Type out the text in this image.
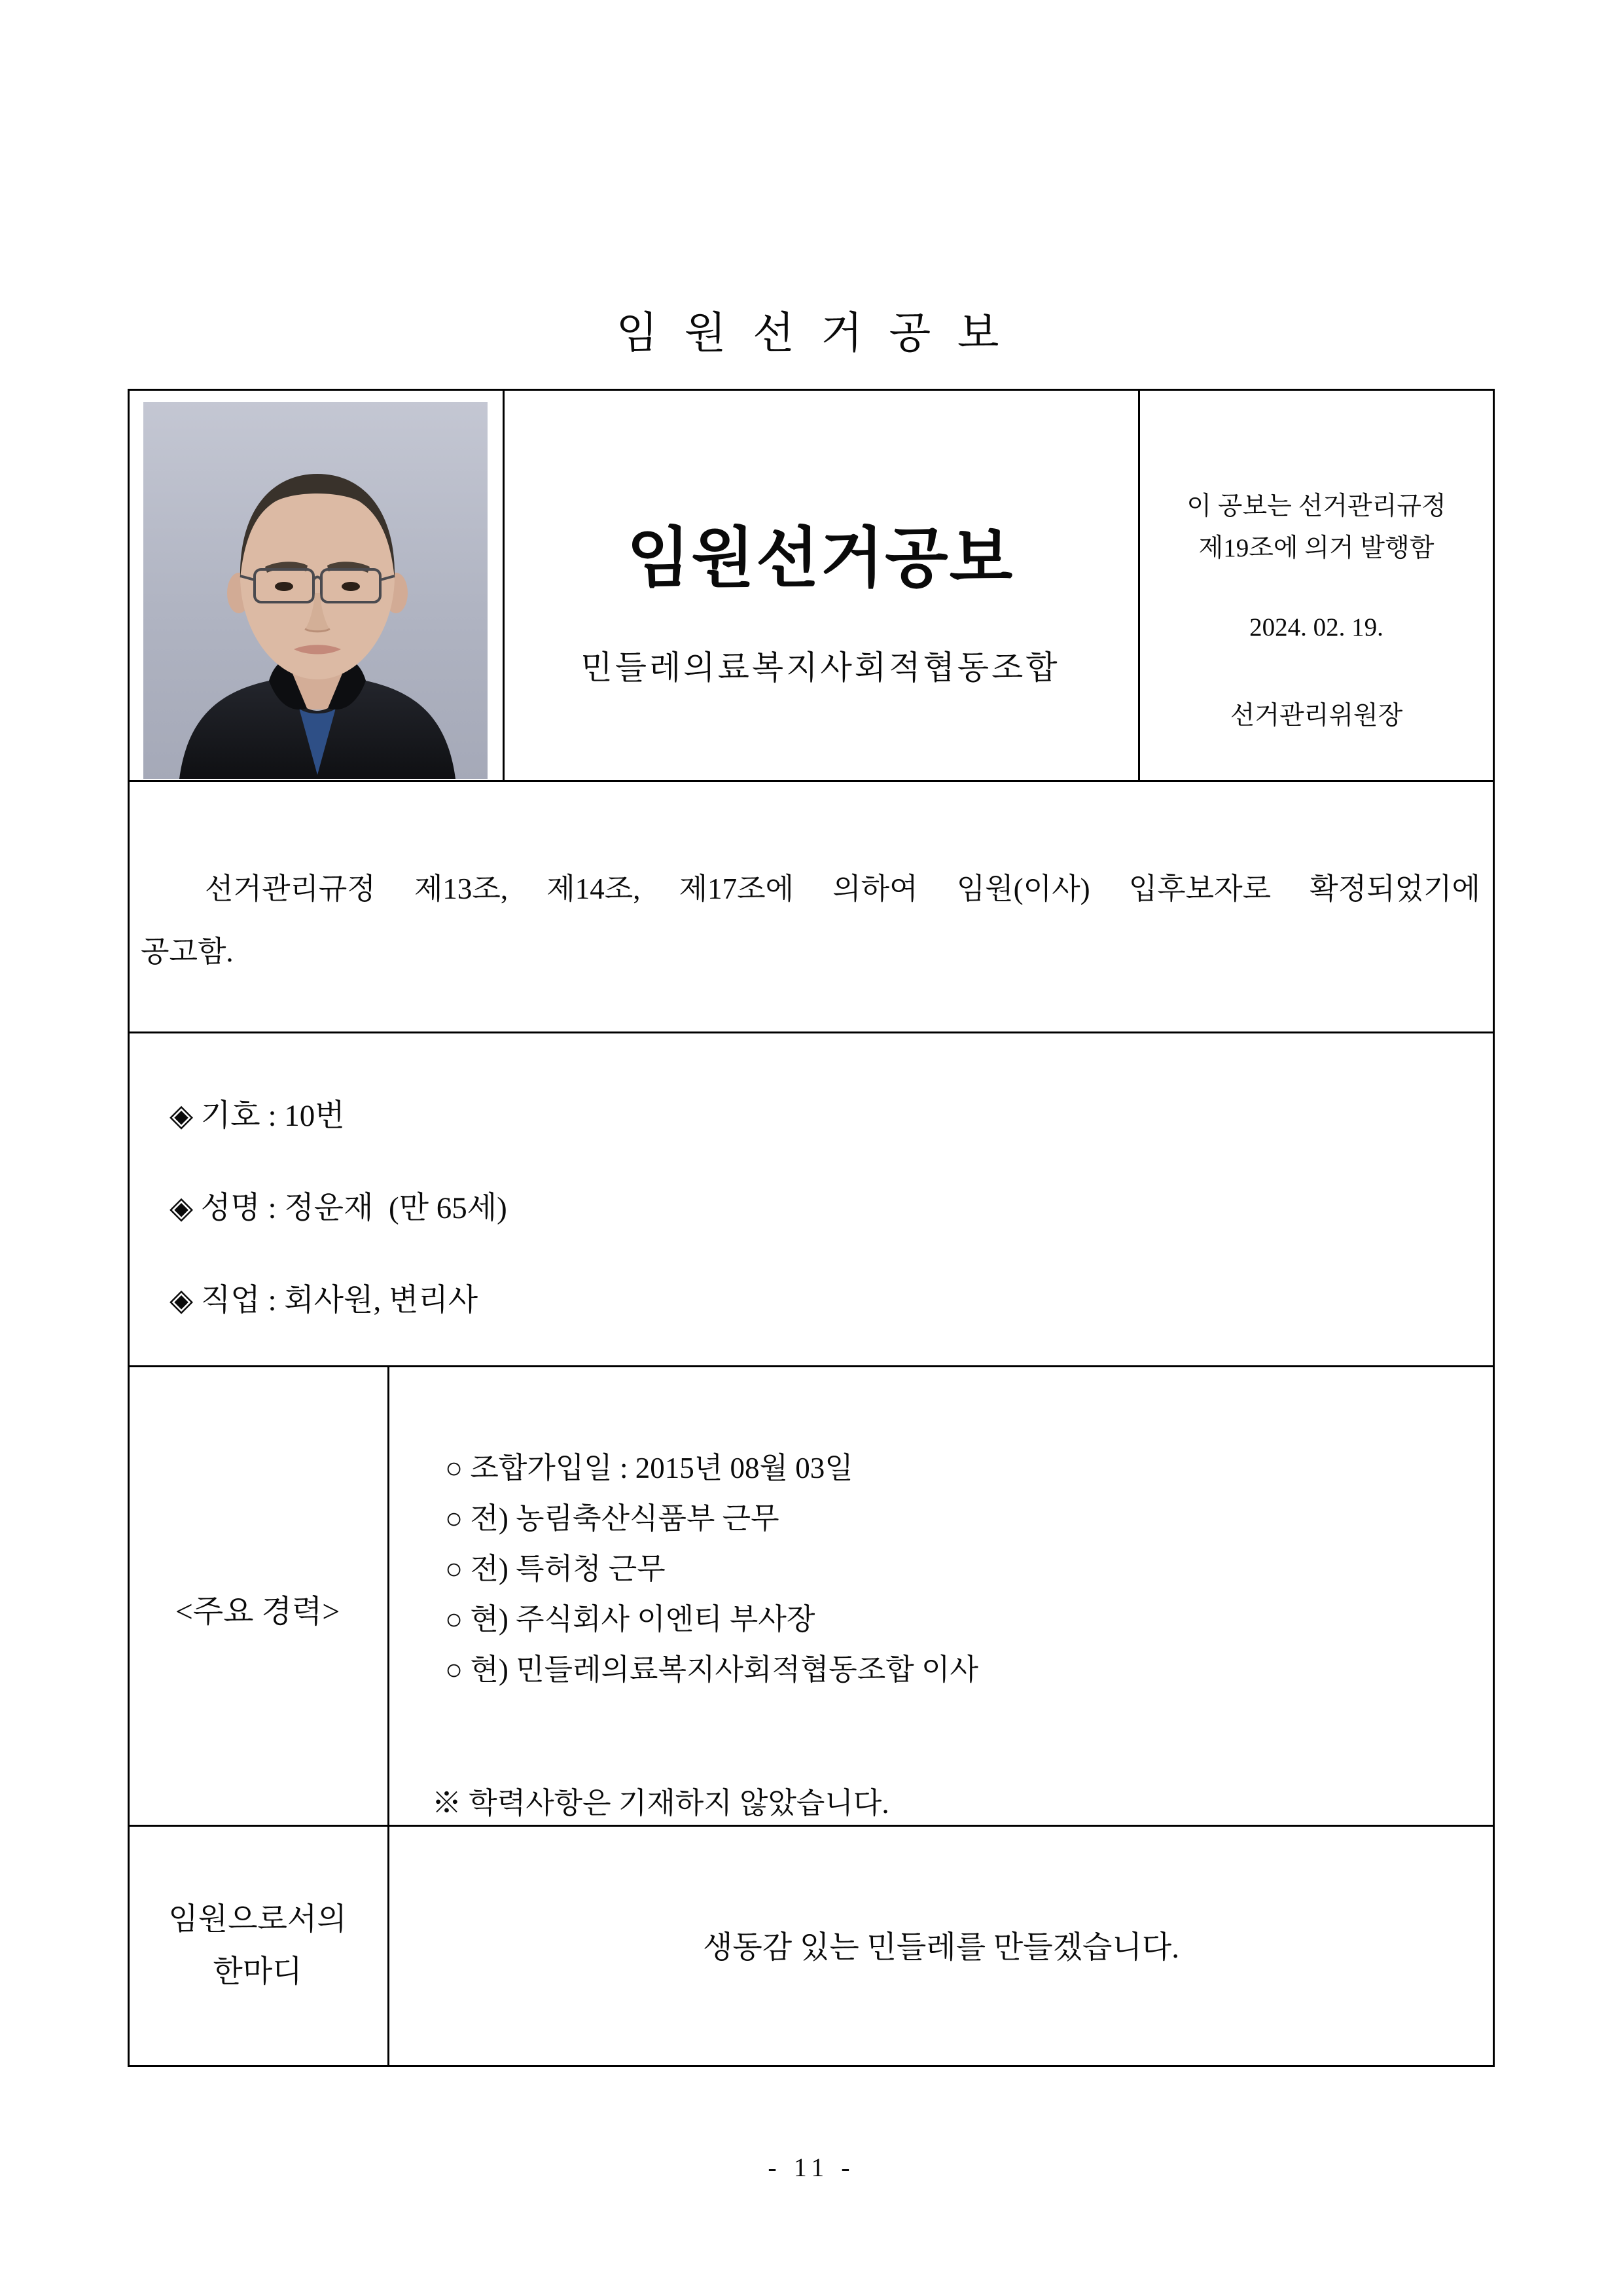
임 원 선 거 공 보
임원선거공보
민들레의료복지사회적협동조합
이 공보는 선거관리규정
제19조에 의거 발행함
2024. 02. 19.
선거관리위원장
선거관리규정 제13조, 제14조, 제17조에 의하여 임원(이사) 입후보자로 확정되었기에
공고함.
◈ 기호 : 10번
◈ 성명 : 정운재  (만 65세)
◈ 직업 : 회사원, 변리사
<주요 경력>
○ 조합가입일 : 2015년 08월 03일
○ 전) 농림축산식품부 근무
○ 전) 특허청 근무
○ 현) 주식회사 이엔티 부사장
○ 현) 민들레의료복지사회적협동조합 이사
※ 학력사항은 기재하지 않았습니다.
임원으로서의
한마디
생동감 있는 민들레를 만들겠습니다.
- 11 -
